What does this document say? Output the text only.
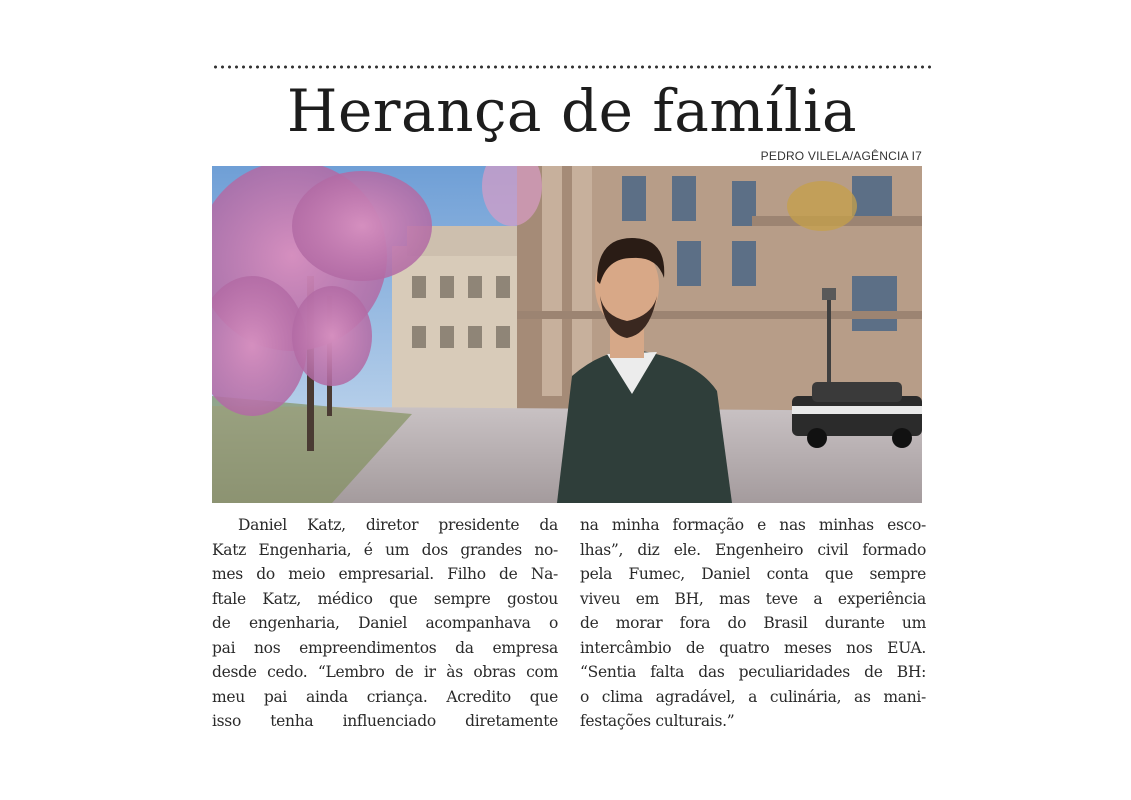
Herança de família
PEDRO VILELA/AGÊNCIA I7
Daniel Katz, diretor presidente da
Katz Engenharia, é um dos grandes no-
mes do meio empresarial. Filho de Na-
ftale Katz, médico que sempre gostou
de engenharia, Daniel acompanhava o
pai nos empreendimentos da empresa
desde cedo. “Lembro de ir às obras com
meu pai ainda criança. Acredito que
isso tenha influenciado diretamente
na minha formação e nas minhas esco-
lhas”, diz ele. Engenheiro civil formado
pela Fumec, Daniel conta que sempre
viveu em BH, mas teve a experiência
de morar fora do Brasil durante um
intercâmbio de quatro meses nos EUA.
“Sentia falta das peculiaridades de BH:
o clima agradável, a culinária, as mani-
festações culturais.”
